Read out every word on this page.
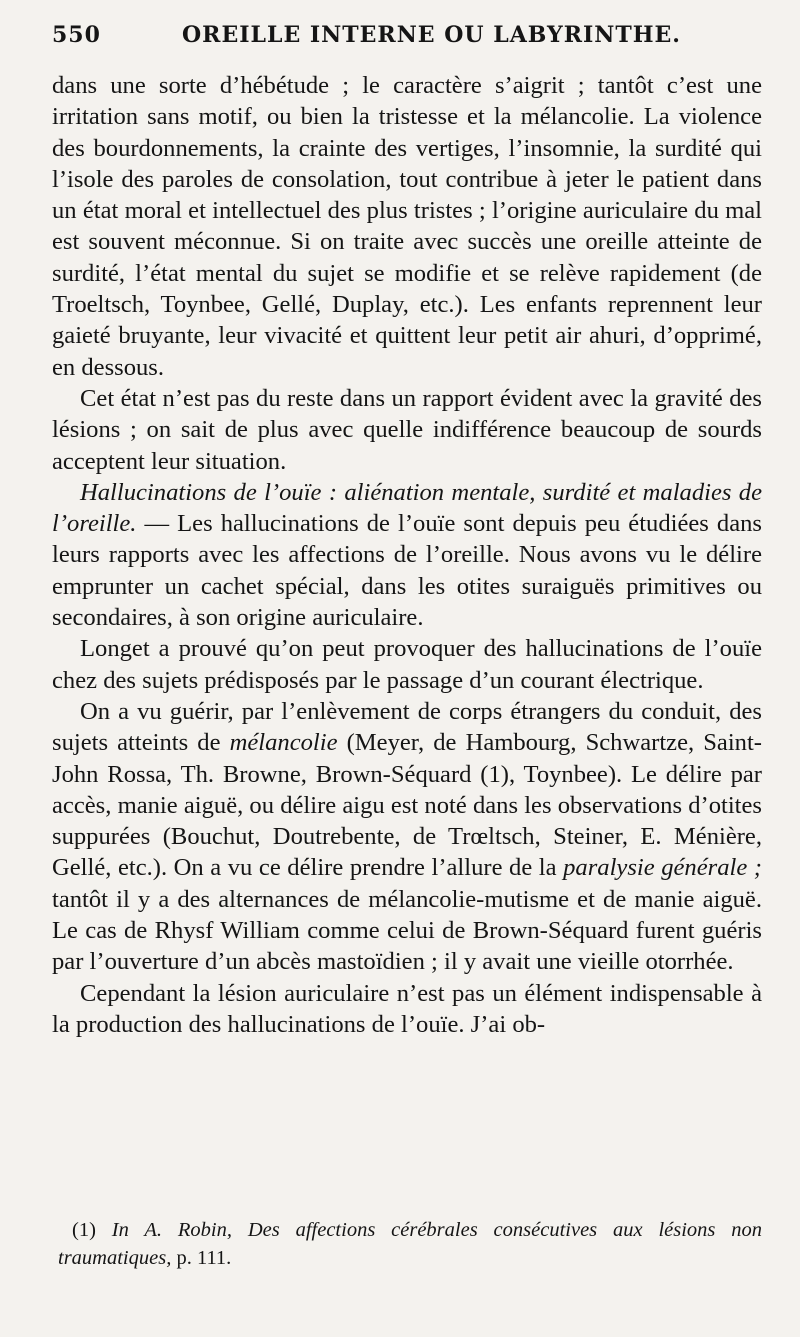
550	OREILLE INTERNE OU LABYRINTHE.

dans une sorte d’hébétude ; le caractère s’aigrit ; tantôt c’est une irritation sans motif, ou bien la tristesse et la mélancolie. La violence des bourdonnements, la crainte des vertiges, l’insomnie, la surdité qui l’isole des paroles de consolation, tout contribue à jeter le patient dans un état moral et intellectuel des plus tristes ; l’origine auriculaire du mal est souvent méconnue. Si on traite avec succès une oreille atteinte de surdité, l’état mental du sujet se modifie et se relève rapidement (de Troeltsch, Toynbee, Gellé, Duplay, etc.). Les enfants reprennent leur gaieté bruyante, leur vivacité et quittent leur petit air ahuri, d’opprimé, en dessous.

Cet état n’est pas du reste dans un rapport évident avec la gravité des lésions ; on sait de plus avec quelle indifférence beaucoup de sourds acceptent leur situation.

Hallucinations de l’ouïe : aliénation mentale, surdité et maladies de l’oreille. — Les hallucinations de l’ouïe sont depuis peu étudiées dans leurs rapports avec les affections de l’oreille. Nous avons vu le délire emprunter un cachet spécial, dans les otites suraiguës primitives ou secondaires, à son origine auriculaire.

Longet a prouvé qu’on peut provoquer des hallucinations de l’ouïe chez des sujets prédisposés par le passage d’un courant électrique.

On a vu guérir, par l’enlèvement de corps étrangers du conduit, des sujets atteints de mélancolie (Meyer, de Hambourg, Schwartze, Saint-John Rossa, Th. Browne, Brown-Séquard (1), Toynbee). Le délire par accès, manie aiguë, ou délire aigu est noté dans les observations d’otites suppurées (Bouchut, Doutrebente, de Trœltsch, Steiner, E. Ménière, Gellé, etc.). On a vu ce délire prendre l’allure de la paralysie générale ; tantôt il y a des alternances de mélancolie-mutisme et de manie aiguë. Le cas de Rhysf William comme celui de Brown-Séquard furent guéris par l’ouverture d’un abcès mastoïdien ; il y avait une vieille otorrhée.

Cependant la lésion auriculaire n’est pas un élément indispensable à la production des hallucinations de l’ouïe. J’ai ob-

(1) In A. Robin, Des affections cérébrales consécutives aux lésions non traumatiques, p. 111.
